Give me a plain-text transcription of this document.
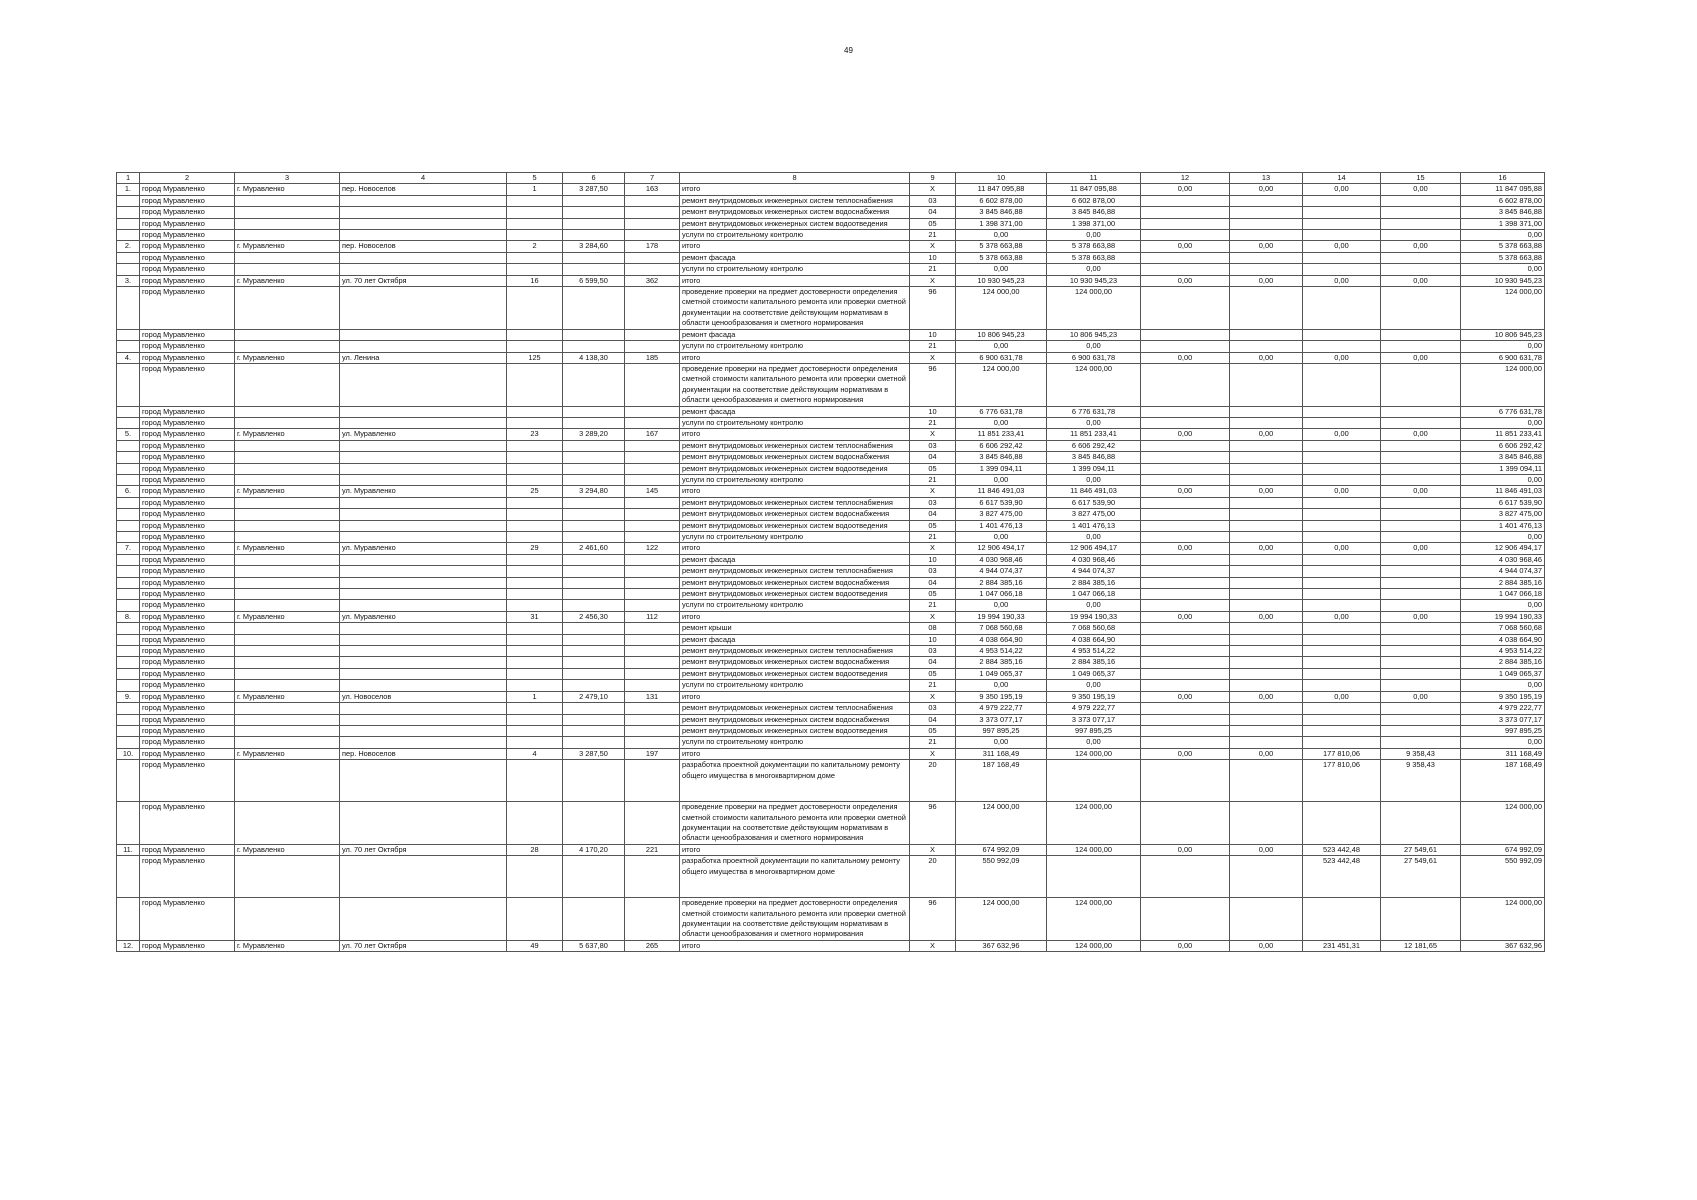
49
1	2	3	4	5	6	7	8	9	10	11	12	13	14	15	16
1.	город Муравленко	г. Муравленко	пер. Новоселов	1	3 287,50	163	итого	X	11 847 095,88	11 847 095,88	0,00	0,00	0,00	0,00	11 847 095,88
	город Муравленко						ремонт внутридомовых инженерных систем теплоснабжения	03	6 602 878,00	6 602 878,00					6 602 878,00
	город Муравленко						ремонт внутридомовых инженерных систем водоснабжения	04	3 845 846,88	3 845 846,88					3 845 846,88
	город Муравленко						ремонт внутридомовых инженерных систем водоотведения	05	1 398 371,00	1 398 371,00					1 398 371,00
	город Муравленко						услуги по строительному контролю	21	0,00	0,00					0,00
2.	город Муравленко	г. Муравленко	пер. Новоселов	2	3 284,60	178	итого	X	5 378 663,88	5 378 663,88	0,00	0,00	0,00	0,00	5 378 663,88
	город Муравленко						ремонт фасада	10	5 378 663,88	5 378 663,88					5 378 663,88
	город Муравленко						услуги по строительному контролю	21	0,00	0,00					0,00
3.	город Муравленко	г. Муравленко	ул. 70 лет Октября	16	6 599,50	362	итого	X	10 930 945,23	10 930 945,23	0,00	0,00	0,00	0,00	10 930 945,23
	город Муравленко						проведение проверки на предмет достоверности определения сметной стоимости капитального ремонта или проверки сметной документации на соответствие действующим нормативам в области ценообразования и сметного нормирования	96	124 000,00	124 000,00					124 000,00
	город Муравленко						ремонт фасада	10	10 806 945,23	10 806 945,23					10 806 945,23
	город Муравленко						услуги по строительному контролю	21	0,00	0,00					0,00
4.	город Муравленко	г. Муравленко	ул. Ленина	125	4 138,30	185	итого	X	6 900 631,78	6 900 631,78	0,00	0,00	0,00	0,00	6 900 631,78
	город Муравленко						проведение проверки на предмет достоверности определения сметной стоимости капитального ремонта или проверки сметной документации на соответствие действующим нормативам в области ценообразования и сметного нормирования	96	124 000,00	124 000,00					124 000,00
	город Муравленко						ремонт фасада	10	6 776 631,78	6 776 631,78					6 776 631,78
	город Муравленко						услуги по строительному контролю	21	0,00	0,00					0,00
5.	город Муравленко	г. Муравленко	ул. Муравленко	23	3 289,20	167	итого	X	11 851 233,41	11 851 233,41	0,00	0,00	0,00	0,00	11 851 233,41
	город Муравленко						ремонт внутридомовых инженерных систем теплоснабжения	03	6 606 292,42	6 606 292,42					6 606 292,42
	город Муравленко						ремонт внутридомовых инженерных систем водоснабжения	04	3 845 846,88	3 845 846,88					3 845 846,88
	город Муравленко						ремонт внутридомовых инженерных систем водоотведения	05	1 399 094,11	1 399 094,11					1 399 094,11
	город Муравленко						услуги по строительному контролю	21	0,00	0,00					0,00
6.	город Муравленко	г. Муравленко	ул. Муравленко	25	3 294,80	145	итого	X	11 846 491,03	11 846 491,03	0,00	0,00	0,00	0,00	11 846 491,03
	город Муравленко						ремонт внутридомовых инженерных систем теплоснабжения	03	6 617 539,90	6 617 539,90					6 617 539,90
	город Муравленко						ремонт внутридомовых инженерных систем водоснабжения	04	3 827 475,00	3 827 475,00					3 827 475,00
	город Муравленко						ремонт внутридомовых инженерных систем водоотведения	05	1 401 476,13	1 401 476,13					1 401 476,13
	город Муравленко						услуги по строительному контролю	21	0,00	0,00					0,00
7.	город Муравленко	г. Муравленко	ул. Муравленко	29	2 461,60	122	итого	X	12 906 494,17	12 906 494,17	0,00	0,00	0,00	0,00	12 906 494,17
	город Муравленко						ремонт фасада	10	4 030 968,46	4 030 968,46					4 030 968,46
	город Муравленко						ремонт внутридомовых инженерных систем теплоснабжения	03	4 944 074,37	4 944 074,37					4 944 074,37
	город Муравленко						ремонт внутридомовых инженерных систем водоснабжения	04	2 884 385,16	2 884 385,16					2 884 385,16
	город Муравленко						ремонт внутридомовых инженерных систем водоотведения	05	1 047 066,18	1 047 066,18					1 047 066,18
	город Муравленко						услуги по строительному контролю	21	0,00	0,00					0,00
8.	город Муравленко	г. Муравленко	ул. Муравленко	31	2 456,30	112	итого	X	19 994 190,33	19 994 190,33	0,00	0,00	0,00	0,00	19 994 190,33
	город Муравленко						ремонт крыши	08	7 068 560,68	7 068 560,68					7 068 560,68
	город Муравленко						ремонт фасада	10	4 038 664,90	4 038 664,90					4 038 664,90
	город Муравленко						ремонт внутридомовых инженерных систем теплоснабжения	03	4 953 514,22	4 953 514,22					4 953 514,22
	город Муравленко						ремонт внутридомовых инженерных систем водоснабжения	04	2 884 385,16	2 884 385,16					2 884 385,16
	город Муравленко						ремонт внутридомовых инженерных систем водоотведения	05	1 049 065,37	1 049 065,37					1 049 065,37
	город Муравленко						услуги по строительному контролю	21	0,00	0,00					0,00
9.	город Муравленко	г. Муравленко	ул. Новоселов	1	2 479,10	131	итого	X	9 350 195,19	9 350 195,19	0,00	0,00	0,00	0,00	9 350 195,19
	город Муравленко						ремонт внутридомовых инженерных систем теплоснабжения	03	4 979 222,77	4 979 222,77					4 979 222,77
	город Муравленко						ремонт внутридомовых инженерных систем водоснабжения	04	3 373 077,17	3 373 077,17					3 373 077,17
	город Муравленко						ремонт внутридомовых инженерных систем водоотведения	05	997 895,25	997 895,25					997 895,25
	город Муравленко						услуги по строительному контролю	21	0,00	0,00					0,00
10.	город Муравленко	г. Муравленко	пер. Новоселов	4	3 287,50	197	итого	X	311 168,49	124 000,00	0,00	0,00	177 810,06	9 358,43	311 168,49
	город Муравленко						разработка проектной документации по капитальному ремонту общего имущества в многоквартирном доме	20	187 168,49				177 810,06	9 358,43	187 168,49
	город Муравленко						проведение проверки на предмет достоверности определения сметной стоимости капитального ремонта или проверки сметной документации на соответствие действующим нормативам в области ценообразования и сметного нормирования	96	124 000,00	124 000,00					124 000,00
11.	город Муравленко	г. Муравленко	ул. 70 лет Октября	28	4 170,20	221	итого	X	674 992,09	124 000,00	0,00	0,00	523 442,48	27 549,61	674 992,09
	город Муравленко						разработка проектной документации по капитальному ремонту общего имущества в многоквартирном доме	20	550 992,09				523 442,48	27 549,61	550 992,09
	город Муравленко						проведение проверки на предмет достоверности определения сметной стоимости капитального ремонта или проверки сметной документации на соответствие действующим нормативам в области ценообразования и сметного нормирования	96	124 000,00	124 000,00					124 000,00
12.	город Муравленко	г. Муравленко	ул. 70 лет Октября	49	5 637,80	265	итого	X	367 632,96	124 000,00	0,00	0,00	231 451,31	12 181,65	367 632,96
